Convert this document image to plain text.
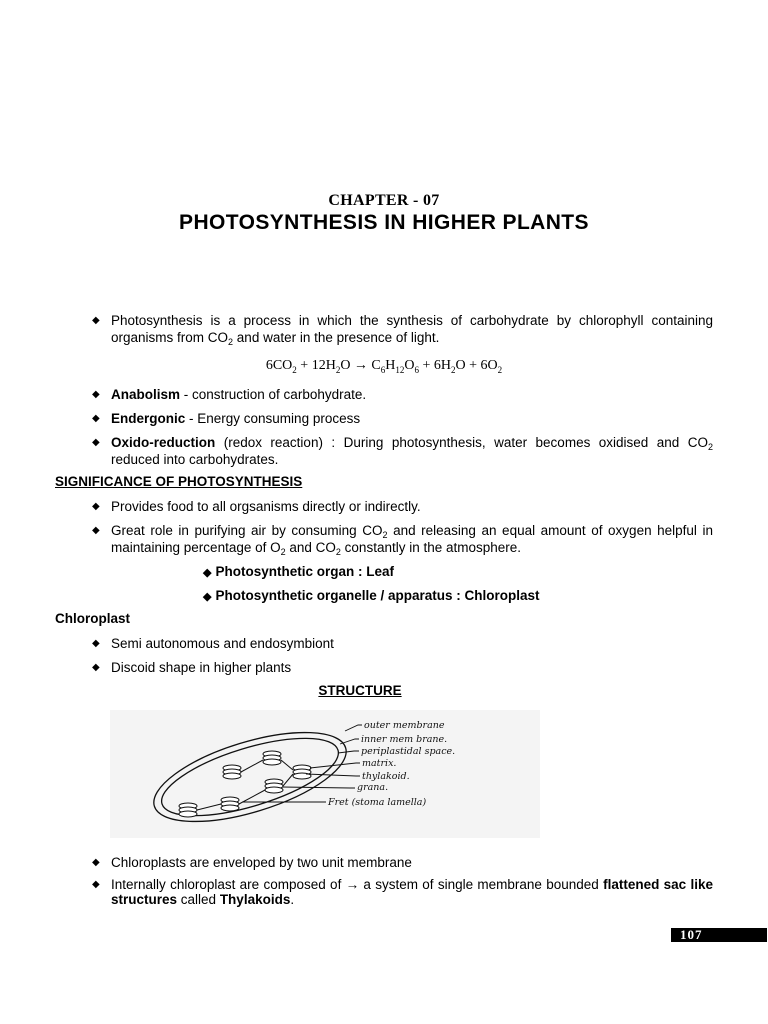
CHAPTER - 07
PHOTOSYNTHESIS IN HIGHER PLANTS
◆ Photosynthesis is a process in which the synthesis of carbohydrate by chlorophyll containing organisms from $CO_2$ and water in the presence of light.
$6CO_2 + 12H_2O \to C_6H_{12}O_6 + 6H_2O + 6O_2$
◆ Anabolism - construction of carbohydrate.
◆ Endergonic - Energy consuming process
◆ Oxido-reduction (redox reaction) : During photosynthesis, water becomes oxidised and $CO_2$ reduced into carbohydrates.
SIGNIFICANCE OF PHOTOSYNTHESIS
◆ Provides food to all orgsanisms directly or indirectly.
◆ Great role in purifying air by consuming $CO_2$ and releasing an equal amount of oxygen helpful in maintaining percentage of $O_2$ and $CO_2$ constantly in the atmosphere.
◆ Photosynthetic organ : Leaf
◆ Photosynthetic organelle / apparatus : Chloroplast
Chloroplast
◆ Semi autonomous and endosymbiont
◆ Discoid shape in higher plants
STRUCTURE
outer membrane
inner mem brane.
periplastidal space.
matrix.
thylakoid.
grana.
Fret (stoma lamella)
◆ Chloroplasts are enveloped by two unit membrane
◆ Internally chloroplast are composed of → a system of single membrane bounded flattened sac like structures called Thylakoids.
107
